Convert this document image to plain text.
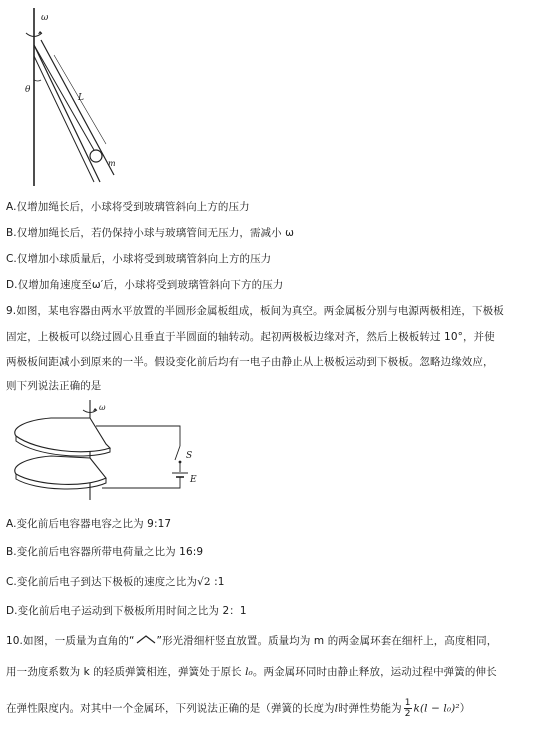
ω
L
θ
m
A.仅增加绳长后，小球将受到玻璃管斜向上方的压力
B.仅增加绳长后，若仍保持小球与玻璃管间无压力，需减小 ω
C.仅增加小球质量后，小球将受到玻璃管斜向上方的压力
D.仅增加角速度至ω′后，小球将受到玻璃管斜向下方的压力
9.如图，某电容器由两水平放置的半圆形金属板组成，板间为真空。两金属板分别与电源两极相连，下极板
固定，上极板可以绕过圆心且垂直于半圆面的轴转动。起初两极板边缘对齐，然后上极板转过 10°，并使
两极板间距减小到原来的一半。假设变化前后均有一电子由静止从上极板运动到下极板。忽略边缘效应，
则下列说法正确的是
ω
S
E
A.变化前后电容器电容之比为 9:17
B.变化前后电容器所带电荷量之比为 16:9
C.变化前后电子到达下极板的速度之比为√2 :1
D.变化前后电子运动到下极板所用时间之比为 2：1
10.如图，一质量为直角的“ ”形光滑细杆竖直放置。质量均为 m 的两金属环套在细杆上，高度相同，
用一劲度系数为 k 的轻质弹簧相连，弹簧处于原长 l₀。两金属环同时由静止释放，运动过程中弹簧的伸长
在弹性限度内。对其中一个金属环，下列说法正确的是（弹簧的长度为l时弹性势能为 $\frac{1}{2} k(l - l_0)^2$）
